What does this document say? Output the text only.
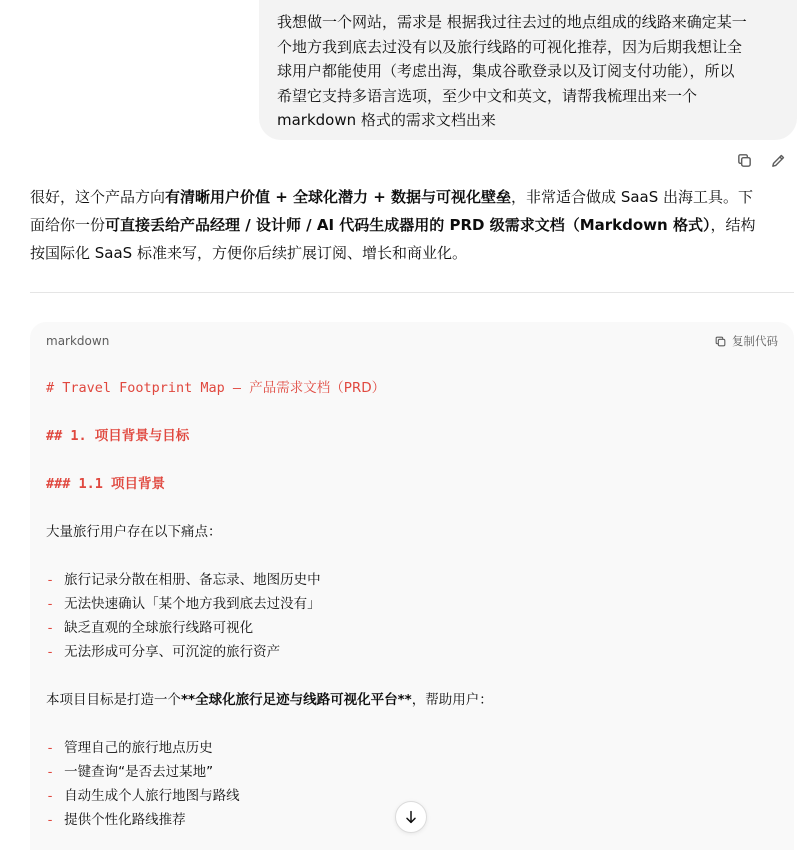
我想做一个网站，需求是 根据我过往去过的地点组成的线路来确定某一
个地方我到底去过没有以及旅行线路的可视化推荐，因为后期我想让全
球用户都能使用（考虑出海，集成谷歌登录以及订阅支付功能），所以
希望它支持多语言选项，至少中文和英文，请帮我梳理出来一个
markdown 格式的需求文档出来
很好，这个产品方向有清晰用户价值 + 全球化潜力 + 数据与可视化壁垒，非常适合做成 SaaS 出海工具。下
面给你一份可直接丢给产品经理 / 设计师 / AI 代码生成器用的 PRD 级需求文档（Markdown 格式），结构
按国际化 SaaS 标准来写，方便你后续扩展订阅、增长和商业化。
markdown	复制代码
# Travel Footprint Map — 产品需求文档（PRD）
## 1. 项目背景与目标
### 1.1 项目背景
大量旅行用户存在以下痛点：
- 旅行记录分散在相册、备忘录、地图历史中
- 无法快速确认「某个地方我到底去过没有」
- 缺乏直观的全球旅行线路可视化
- 无法形成可分享、可沉淀的旅行资产
本项目目标是打造一个**全球化旅行足迹与线路可视化平台**，帮助用户：
- 管理自己的旅行地点历史
- 一键查询“是否去过某地”
- 自动生成个人旅行地图与路线
- 提供个性化路线推荐
